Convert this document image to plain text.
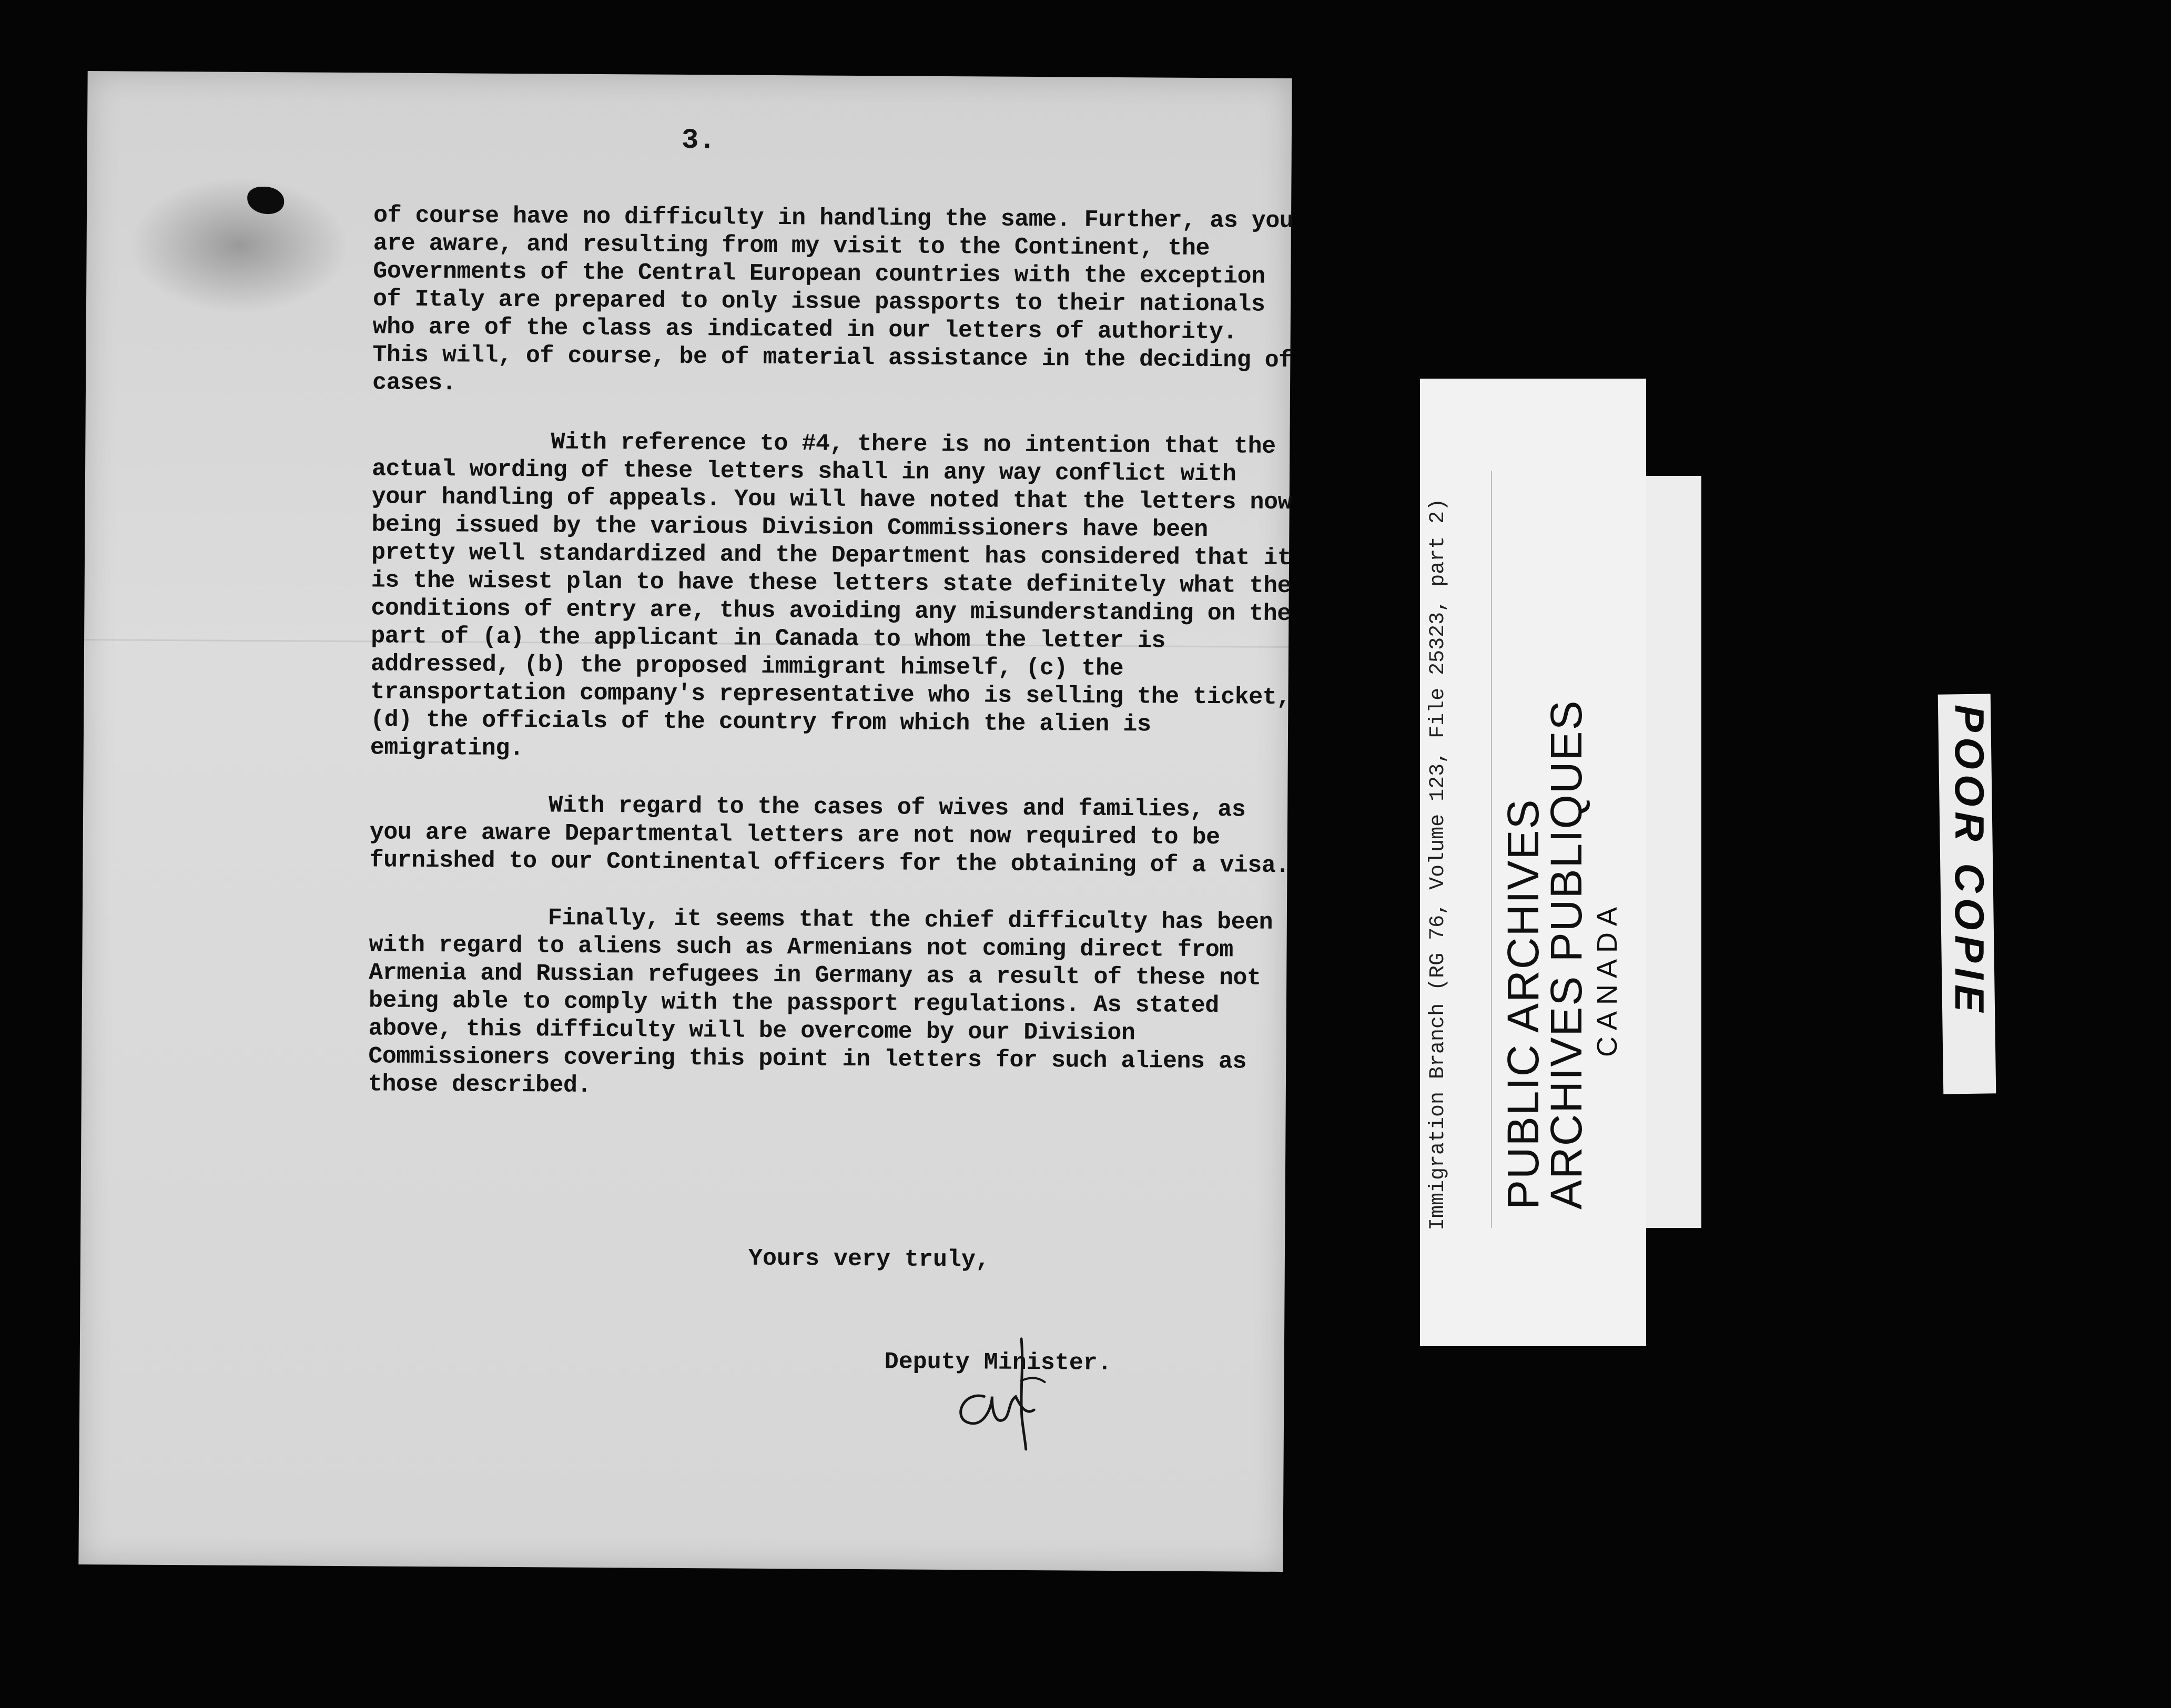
3.

of course have no difficulty in handling the same. Further, as you are aware, and resulting from my visit to the Continent, the Governments of the Central European countries with the exception of Italy are prepared to only issue passports to their nationals who are of the class as indicated in our letters of authority. This will, of course, be of material assistance in the deciding of cases.

With reference to #4, there is no intention that the actual wording of these letters shall in any way conflict with your handling of appeals. You will have noted that the letters now being issued by the various Division Commissioners have been pretty well standardized and the Department has considered that it is the wisest plan to have these letters state definitely what the conditions of entry are, thus avoiding any misunderstanding on the part of (a) the applicant in Canada to whom the letter is addressed, (b) the proposed immigrant himself, (c) the transportation company's representative who is selling the ticket, (d) the officials of the country from which the alien is emigrating.

With regard to the cases of wives and families, as you are aware Departmental letters are not now required to be furnished to our Continental officers for the obtaining of a visa.

Finally, it seems that the chief difficulty has been with regard to aliens such as Armenians not coming direct from Armenia and Russian refugees in Germany as a result of these not being able to comply with the passport regulations. As stated above, this difficulty will be overcome by our Division Commissioners covering this point in letters for such aliens as those described.

Yours very truly,
Deputy Minister.
Immigration Branch (RG 76, Volume 123, File 25323, part 2) PUBLIC ARCHIVES
ARCHIVES PUBLIQUES CANADA	POOR COPIE
